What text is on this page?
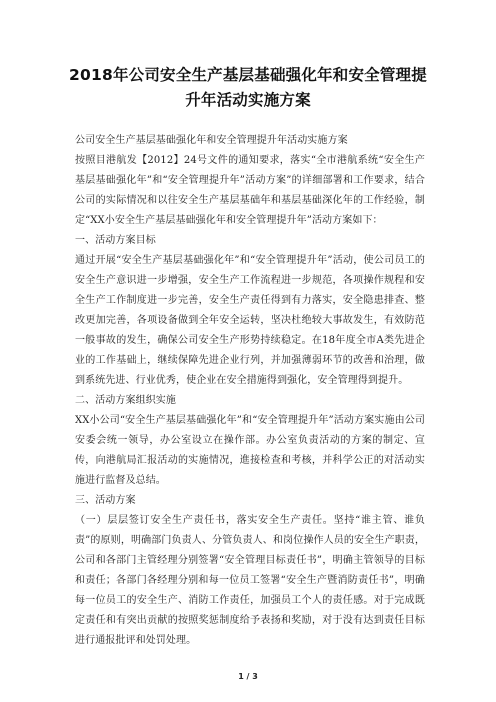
2018年公司安全生产基层基础强化年和安全管理提
升年活动实施方案

公司安全生产基层基础强化年和安全管理提升年活动实施方案

按照目港航发【2012】24号文件的通知要求，落实“全市港航系统“安全生产基层基础强化年”和“安全管理提升年”活动方案”的详细部署和工作要求，结合公司的实际情况和以往安全生产基层基础年和基层基础深化年的工作经验，制定“XX小安全生产基层基础强化年和安全管理提升年”活动方案如下：

一、活动方案目标

通过开展“安全生产基层基础强化年”和“安全管理提升年”活动，使公司员工的安全生产意识进一步增强，安全生产工作流程进一步规范，各项操作规程和安全生产工作制度进一步完善，安全生产责任得到有力落实，安全隐患排查、整改更加完善，各项设备做到全年安全运转，坚决杜绝较大事故发生，有效防范一般事故的发生，确保公司安全生产形势持续稳定。在18年度全市A类先进企业的工作基础上，继续保障先进企业行列，并加强薄弱环节的改善和治理，做到系统先进、行业优秀，使企业在安全措施得到强化，安全管理得到提升。

二、活动方案组织实施

XX小公司“安全生产基层基础强化年”和“安全管理提升年”活动方案实施由公司安委会统一领导，办公室设立在操作部。办公室负责活动的方案的制定、宣传，向港航局汇报活动的实施情况，進接检查和考核，并科学公正的对活动实施进行监督及总结。

三、活动方案

（一）层层签订安全生产责任书，落实安全生产责任。坚持“谁主管、谁负责”的原则，明确部门负责人、分管负责人、和岗位操作人员的安全生产职责，公司和各部门主管经理分别签署“安全管理目标责任书”，明确主管领导的目标和责任；各部门各经理分别和每一位员工签署“安全生产暨消防责任书”，明确每一位员工的安全生产、消防工作责任，加强员工个人的责任感。对于完成既定责任和有突出贡献的按照奖惩制度给予表扬和奖励，对于没有达到责任目标进行通报批评和处罚处理。

1 / 3
